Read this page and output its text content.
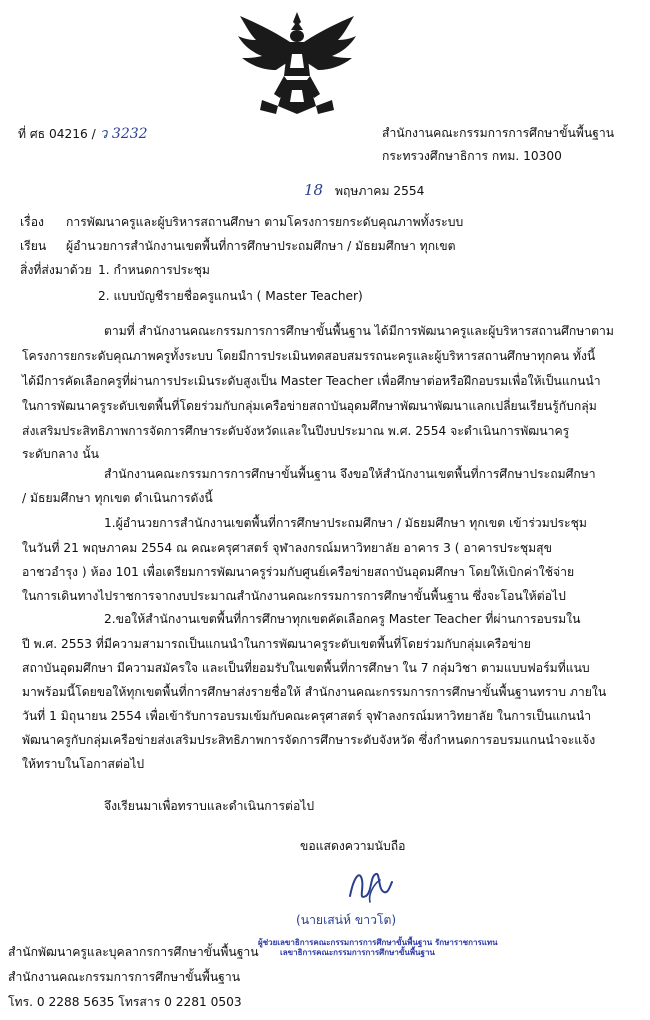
ที่ ศธ 04216 / ว 3232	สำนักงานคณะกรรมการการศึกษาขั้นพื้นฐาน
กระทรวงศึกษาธิการ กทม. 10300
18 พฤษภาคม 2554
เรื่อง การพัฒนาครูและผู้บริหารสถานศึกษา ตามโครงการยกระดับคุณภาพทั้งระบบ
เรียน ผู้อำนวยการสำนักงานเขตพื้นที่การศึกษาประถมศึกษา / มัธยมศึกษา ทุกเขต
สิ่งที่ส่งมาด้วย 1. กำหนดการประชุม
2. แบบบัญชีรายชื่อครูแกนนำ ( Master Teacher)
ตามที่ สำนักงานคณะกรรมการการศึกษาขั้นพื้นฐาน ได้มีการพัฒนาครูและผู้บริหารสถานศึกษาตาม
โครงการยกระดับคุณภาพครูทั้งระบบ โดยมีการประเมินทดสอบสมรรถนะครูและผู้บริหารสถานศึกษาทุกคน ทั้งนี้
ได้มีการคัดเลือกครูที่ผ่านการประเมินระดับสูงเป็น Master Teacher เพื่อศึกษาต่อหรือฝึกอบรมเพื่อให้เป็นแกนนำ
ในการพัฒนาครูระดับเขตพื้นที่โดยร่วมกับกลุ่มเครือข่ายสถาบันอุดมศึกษาพัฒนาพัฒนาแลกเปลี่ยนเรียนรู้กับกลุ่ม
ส่งเสริมประสิทธิภาพการจัดการศึกษาระดับจังหวัดและในปีงบประมาณ พ.ศ. 2554 จะดำเนินการพัฒนาครู
ระดับกลาง นั้น
สำนักงานคณะกรรมการการศึกษาขั้นพื้นฐาน จึงขอให้สำนักงานเขตพื้นที่การศึกษาประถมศึกษา
/ มัธยมศึกษา ทุกเขต ดำเนินการดังนี้
1.ผู้อำนวยการสำนักงานเขตพื้นที่การศึกษาประถมศึกษา / มัธยมศึกษา ทุกเขต เข้าร่วมประชุม
ในวันที่ 21 พฤษภาคม 2554 ณ คณะครุศาสตร์ จุฬาลงกรณ์มหาวิทยาลัย อาคาร 3 ( อาคารประชุมสุข
อาชวอำรุง ) ห้อง 101 เพื่อเตรียมการพัฒนาครูร่วมกับศูนย์เครือข่ายสถาบันอุดมศึกษา โดยให้เบิกค่าใช้จ่าย
ในการเดินทางไปราชการจากงบประมาณสำนักงานคณะกรรมการการศึกษาขั้นพื้นฐาน ซึ่งจะโอนให้ต่อไป
2.ขอให้สำนักงานเขตพื้นที่การศึกษาทุกเขตคัดเลือกครู Master Teacher ที่ผ่านการอบรมใน
ปี พ.ศ. 2553 ที่มีความสามารถเป็นแกนนำในการพัฒนาครูระดับเขตพื้นที่โดยร่วมกับกลุ่มเครือข่าย
สถาบันอุดมศึกษา มีความสมัครใจ และเป็นที่ยอมรับในเขตพื้นที่การศึกษา ใน 7 กลุ่มวิชา ตามแบบฟอร์มที่แนบ
มาพร้อมนี้โดยขอให้ทุกเขตพื้นที่การศึกษาส่งรายชื่อให้ สำนักงานคณะกรรมการการศึกษาขั้นพื้นฐานทราบ ภายใน
วันที่ 1 มิถุนายน 2554 เพื่อเข้ารับการอบรมเข้มกับคณะครุศาสตร์ จุฬาลงกรณ์มหาวิทยาลัย ในการเป็นแกนนำ
พัฒนาครูกับกลุ่มเครือข่ายส่งเสริมประสิทธิภาพการจัดการศึกษาระดับจังหวัด ซึ่งกำหนดการอบรมแกนนำจะแจ้ง
ให้ทราบในโอกาสต่อไป
จึงเรียนมาเพื่อทราบและดำเนินการต่อไป
ขอแสดงความนับถือ
(นายเสน่ห์ ขาวโต)
ผู้ช่วยเลขาธิการคณะกรรมการการศึกษาขั้นพื้นฐาน รักษาราชการแทน
เลขาธิการคณะกรรมการการศึกษาขั้นพื้นฐาน
สำนักพัฒนาครูและบุคลากรการศึกษาขั้นพื้นฐาน
สำนักงานคณะกรรมการการศึกษาขั้นพื้นฐาน
โทร. 0 2288 5635 โทรสาร 0 2281 0503
